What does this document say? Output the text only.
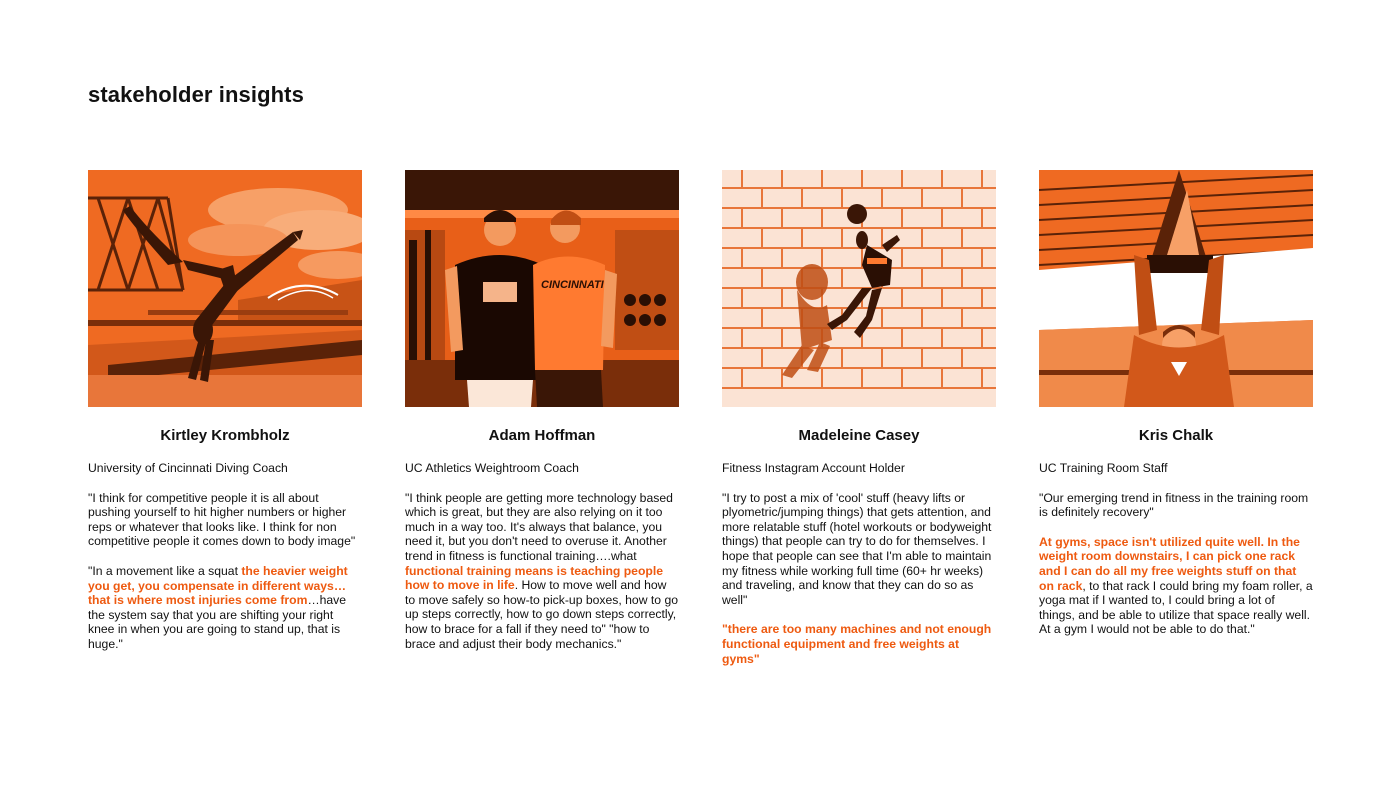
stakeholder insights
Kirtley Krombholz
University of Cincinnati Diving Coach
"I think for competitive people it is all about pushing yourself to hit higher numbers or higher reps or whatever that looks like. I think for non competitive people it comes down to body image"
"In a movement like a squat the heavier weight you get, you compensate in different ways… that is where most injuries come from…have the system say that you are shifting your right knee in when you are going to stand up, that is huge."
CINCINNATI
Adam Hoffman
UC Athletics Weightroom Coach
"I think people are getting more technology based which is great, but they are also relying on it too much in a way too. It's always that balance, you need it, but you don't need to overuse it. Another trend in fitness is functional training….what functional training means is teaching people how to move in life. How to move well and how to move safely so how-to pick-up boxes, how to go up steps correctly, how to go down steps correctly, how to brace for a fall if they need to" "how to brace and adjust their body mechanics."
Madeleine Casey
Fitness Instagram Account Holder
"I try to post a mix of 'cool' stuff (heavy lifts or plyometric/jumping things) that gets attention, and more relatable stuff (hotel workouts or bodyweight things) that people can try to do for themselves. I hope that people can see that I'm able to maintain my fitness while working full time (60+ hr weeks) and traveling, and know that they can do so as well"
"there are too many machines and not enough functional equipment and free weights at gyms"
Kris Chalk
UC Training Room Staff
"Our emerging trend in fitness in the training room is definitely recovery"
At gyms, space isn't utilized quite well. In the weight room downstairs, I can pick one rack and I can do all my free weights stuff on that on rack, to that rack I could bring my foam roller, a yoga mat if I wanted to, I could bring a lot of things, and be able to utilize that space really well. At a gym I would not be able to do that."
